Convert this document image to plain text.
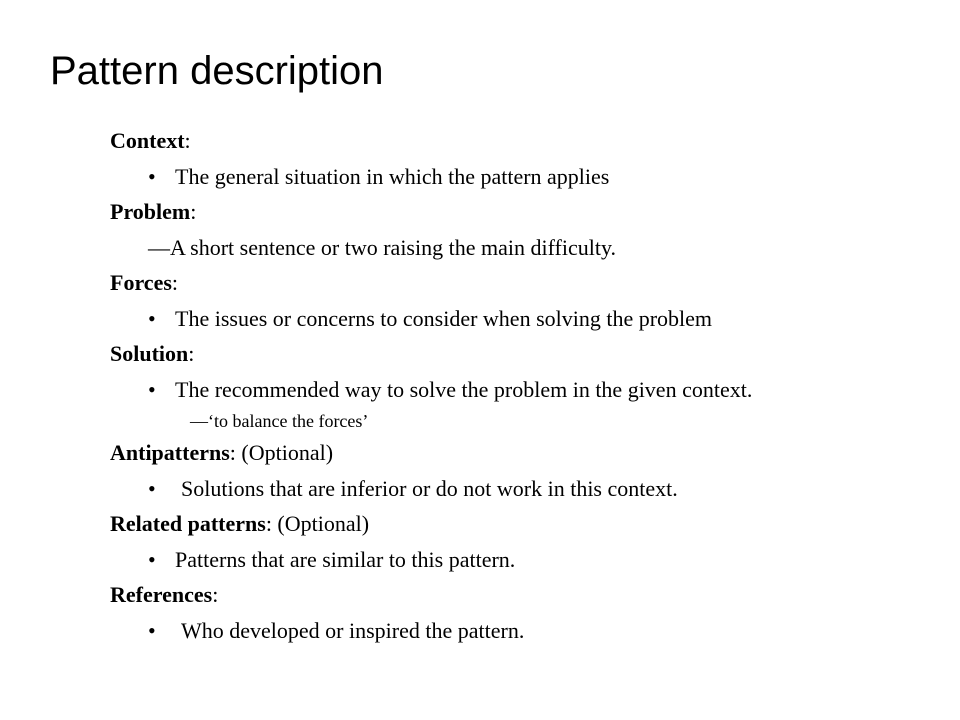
Pattern description
Context:
• The general situation in which the pattern applies
Problem:
—A short sentence or two raising the main difficulty.
Forces:
• The issues or concerns to consider when solving the problem
Solution:
• The recommended way to solve the problem in the given context.
—‘to balance the forces’
Antipatterns: (Optional)
• Solutions that are inferior or do not work in this context.
Related patterns: (Optional)
• Patterns that are similar to this pattern.
References:
• Who developed or inspired the pattern.
